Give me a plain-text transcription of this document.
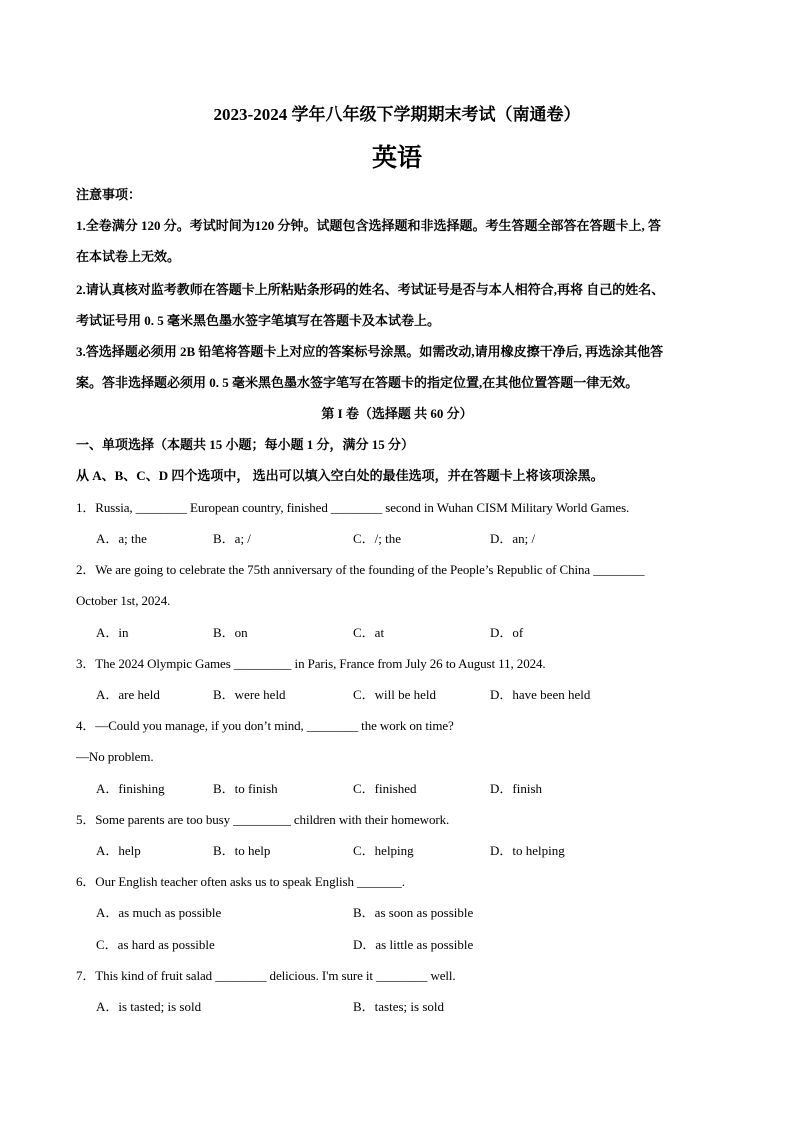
2023-2024 学年八年级下学期期末考试（南通卷）
英语
注意事项：
1.全卷满分 120 分。考试时间为120 分钟。试题包含选择题和非选择题。考生答题全部答在答题卡上, 答
在本试卷上无效。
2.请认真核对监考教师在答题卡上所粘贴条形码的姓名、考试证号是否与本人相符合,再将 自己的姓名、
考试证号用 0. 5 毫米黑色墨水签字笔填写在答题卡及本试卷上。
3.答选择题必须用 2B 铅笔将答题卡上对应的答案标号涂黑。如需改动,请用橡皮擦干净后, 再选涂其他答
案。答非选择题必须用 0. 5 毫米黑色墨水签字笔写在答题卡的指定位置,在其他位置答题一律无效。
第 I 卷（选择题 共 60 分）
一、单项选择（本题共 15 小题；每小题 1 分，满分 15 分）
从 A、B、C、D 四个选项中， 选出可以填入空白处的最佳选项，并在答题卡上将该项涂黑。
1．Russia, ________ European country, finished ________ second in Wuhan CISM Military World Games.
A．a; the	B．a; /	C．/; the	D．an; /
2．We are going to celebrate the 75th anniversary of the founding of the People’s Republic of China ________
October 1st, 2024.
A．in	B．on	C．at	D．of
3．The 2024 Olympic Games _________ in Paris, France from July 26 to August 11, 2024.
A．are held	B．were held	C．will be held	D．have been held
4．—Could you manage, if you don’t mind, ________ the work on time?
—No problem.
A．finishing	B．to finish	C．finished	D．finish
5．Some parents are too busy _________ children with their homework.
A．help	B．to help	C．helping	D．to helping
6．Our English teacher often asks us to speak English _______.
A．as much as possible	B．as soon as possible
C．as hard as possible	D．as little as possible
7．This kind of fruit salad ________ delicious. I'm sure it ________ well.
A．is tasted; is sold	B．tastes; is sold
